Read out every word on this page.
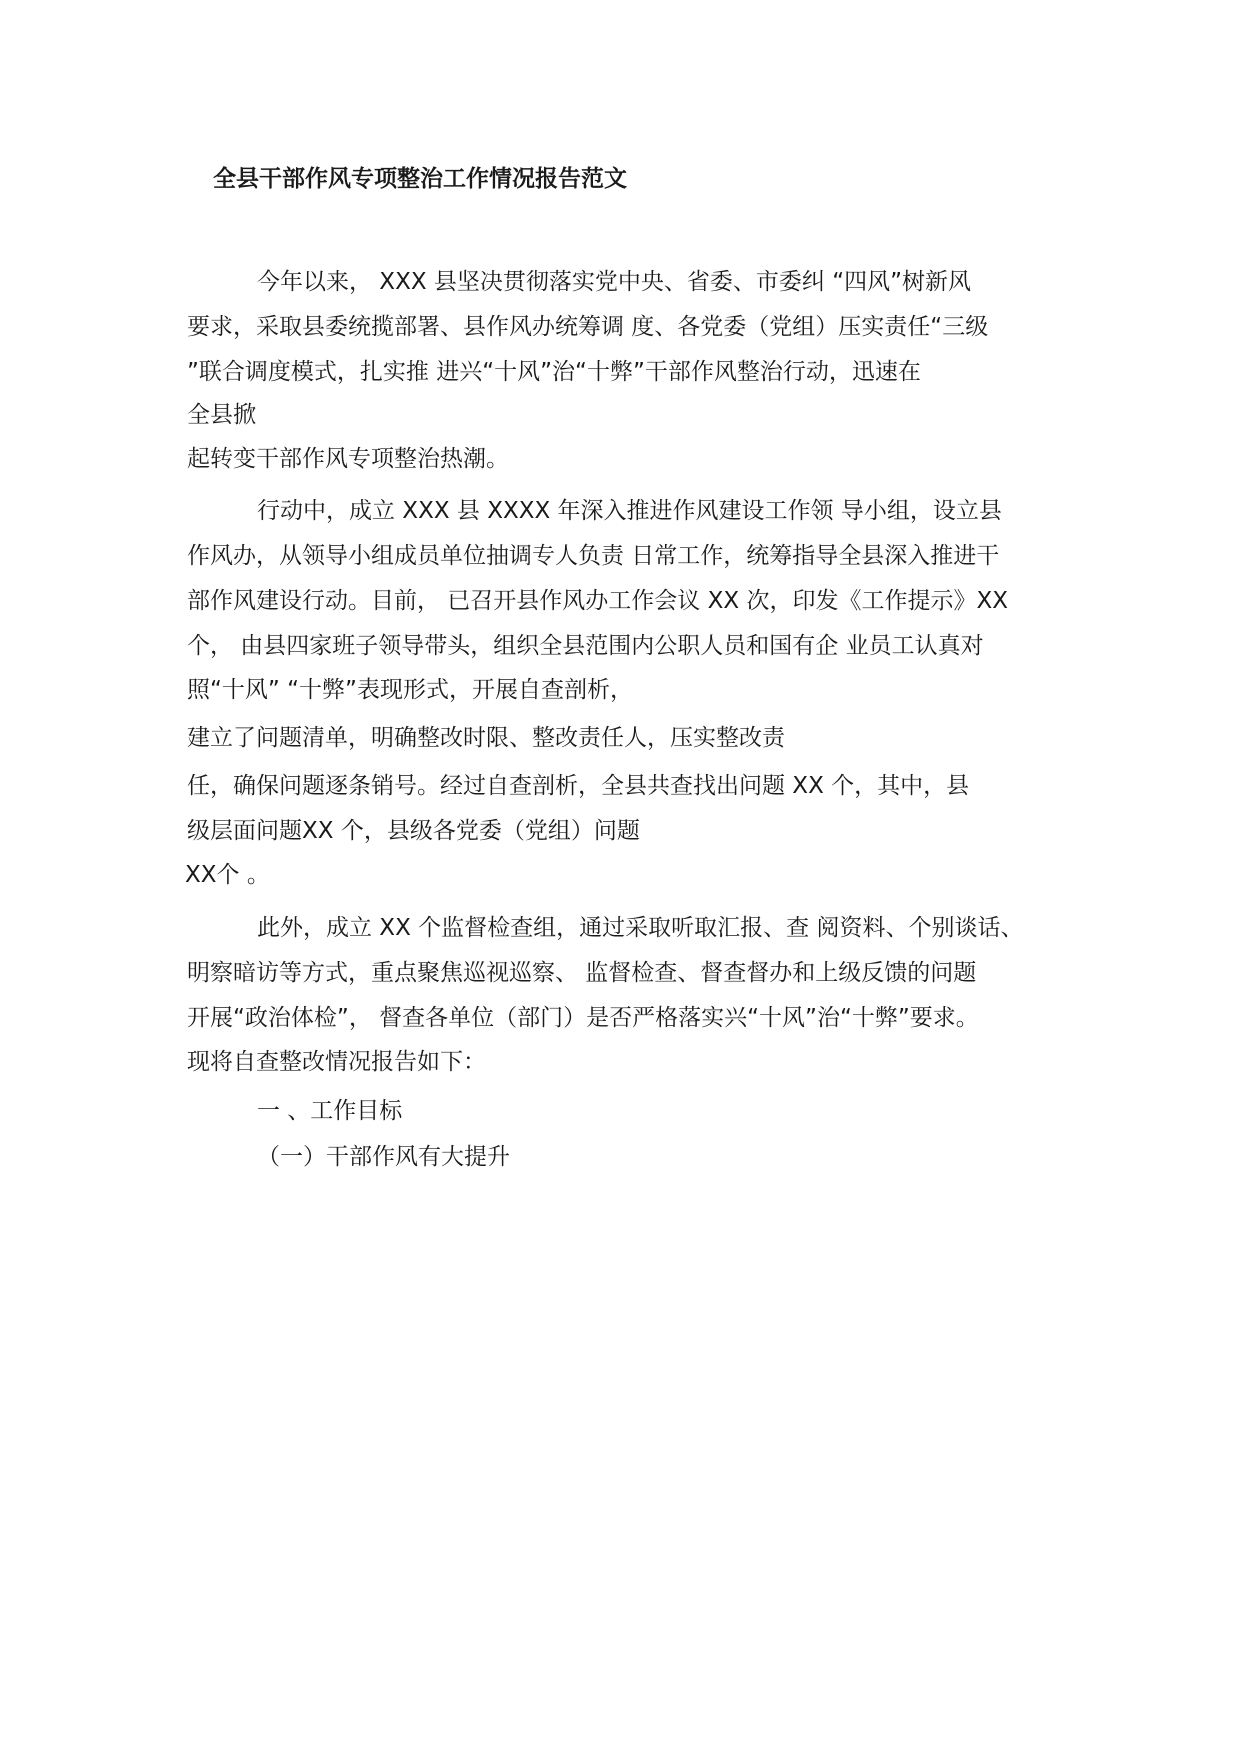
全县干部作风专项整治工作情况报告范文
今年以来， XXX 县坚决贯彻落实党中央、省委、市委纠 “四风”树新风
要求，采取县委统揽部署、县作风办统筹调 度、各党委（党组）压实责任“三级
”联合调度模式，扎实推 进兴“十风”治“十弊”干部作风整治行动，迅速在
全县掀
起转变干部作风专项整治热潮。
行动中，成立 XXX 县 XXXX 年深入推进作风建设工作领 导小组，设立县
作风办，从领导小组成员单位抽调专人负责 日常工作，统筹指导全县深入推进干
部作风建设行动。目前， 已召开县作风办工作会议 XX 次，印发《工作提示》XX
个， 由县四家班子领导带头，组织全县范围内公职人员和国有企 业员工认真对
照“十风” “十弊”表现形式，开展自查剖析，
建立了问题清单，明确整改时限、整改责任人，压实整改责
任，确保问题逐条销号。经过自查剖析，全县共查找出问题 XX 个，其中，县
级层面问题XX 个，县级各党委（党组）问题
XX个 。
此外，成立 XX 个监督检查组，通过采取听取汇报、查 阅资料、个别谈话、
明察暗访等方式，重点聚焦巡视巡察、 监督检查、督查督办和上级反馈的问题
开展“政治体检”， 督查各单位（部门）是否严格落实兴“十风”治“十弊”要求。
现将自查整改情况报告如下：
一 、工作目标
（一）干部作风有大提升
